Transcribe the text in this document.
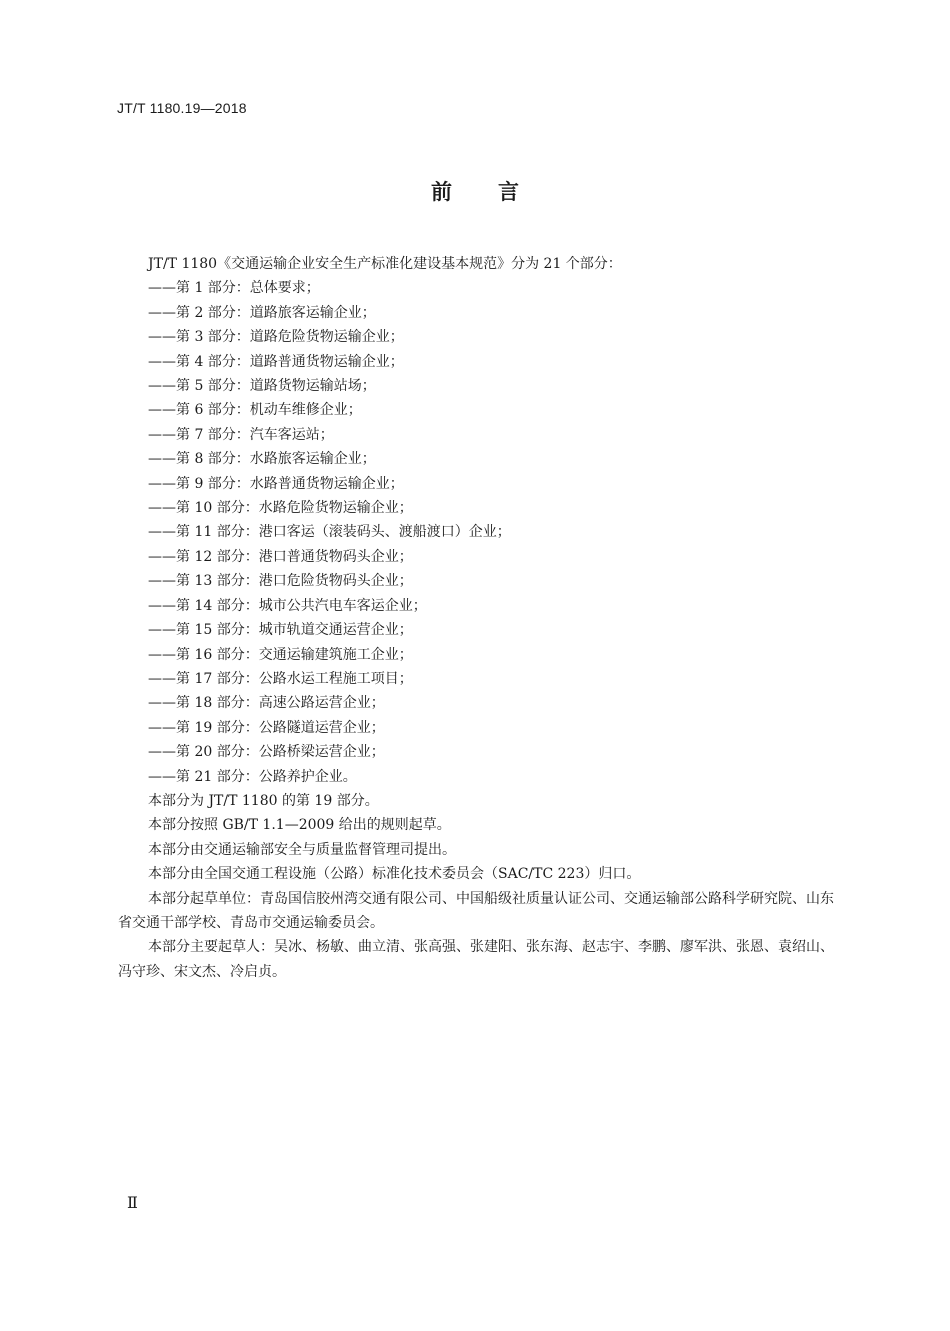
JT/T 1180.19—2018
前言

JT/T 1180《交通运输企业安全生产标准化建设基本规范》分为 21 个部分：

——第 1 部分：总体要求；

——第 2 部分：道路旅客运输企业；

——第 3 部分：道路危险货物运输企业；

——第 4 部分：道路普通货物运输企业；

——第 5 部分：道路货物运输站场；

——第 6 部分：机动车维修企业；

——第 7 部分：汽车客运站；

——第 8 部分：水路旅客运输企业；

——第 9 部分：水路普通货物运输企业；

——第 10 部分：水路危险货物运输企业；

——第 11 部分：港口客运（滚装码头、渡船渡口）企业；

——第 12 部分：港口普通货物码头企业；

——第 13 部分：港口危险货物码头企业；

——第 14 部分：城市公共汽电车客运企业；

——第 15 部分：城市轨道交通运营企业；

——第 16 部分：交通运输建筑施工企业；

——第 17 部分：公路水运工程施工项目；

——第 18 部分：高速公路运营企业；

——第 19 部分：公路隧道运营企业；

——第 20 部分：公路桥梁运营企业；

——第 21 部分：公路养护企业。

本部分为 JT/T 1180 的第 19 部分。

本部分按照 GB/T 1.1—2009 给出的规则起草。

本部分由交通运输部安全与质量监督管理司提出。

本部分由全国交通工程设施（公路）标准化技术委员会（SAC/TC 223）归口。

本部分起草单位：青岛国信胶州湾交通有限公司、中国船级社质量认证公司、交通运输部公路科学研究院、山东省交通干部学校、青岛市交通运输委员会。

本部分主要起草人：吴冰、杨敏、曲立清、张高强、张建阳、张东海、赵志宇、李鹏、廖军洪、张恩、袁绍山、冯守珍、宋文杰、冷启贞。

Ⅱ
